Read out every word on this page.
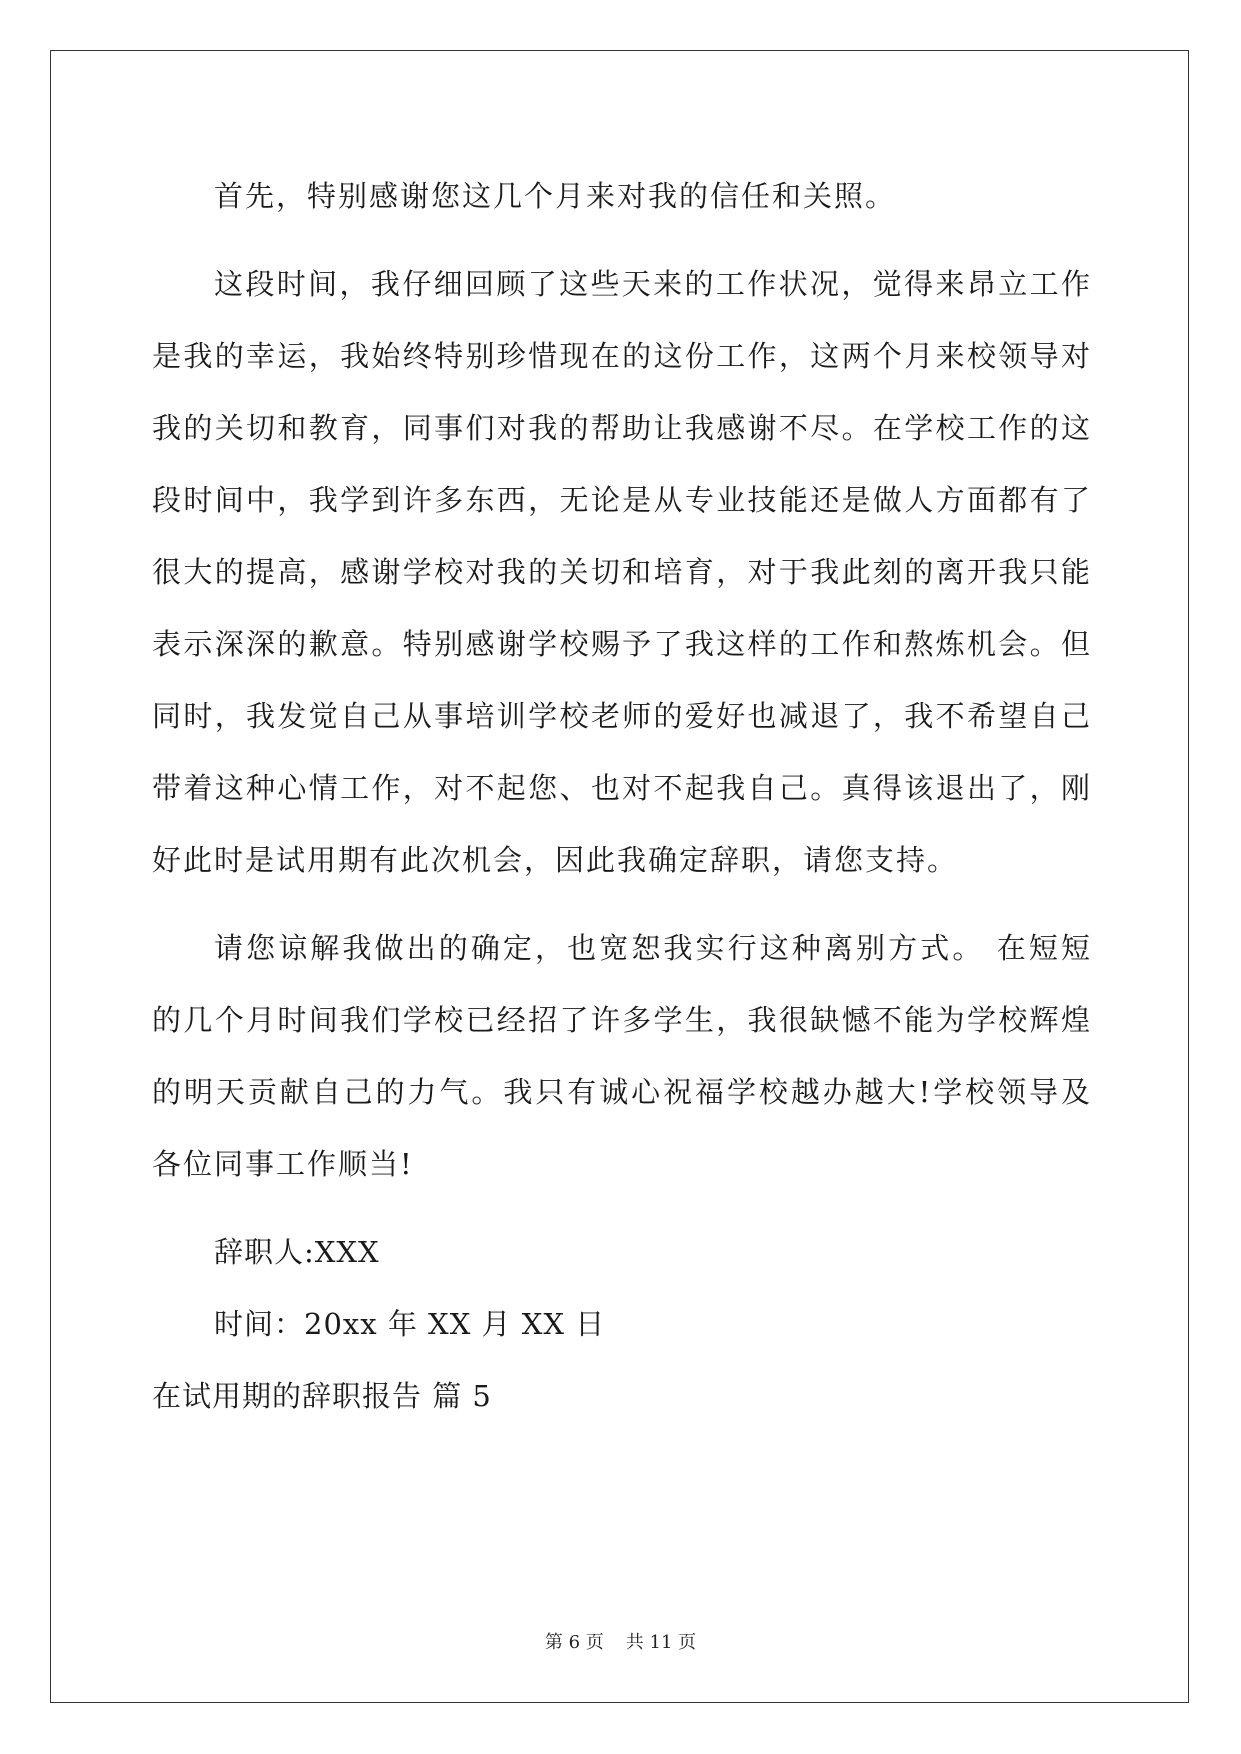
首先，特别感谢您这几个月来对我的信任和关照。

这段时间，我仔细回顾了这些天来的工作状况，觉得来昂立工作是我的幸运，我始终特别珍惜现在的这份工作，这两个月来校领导对我的关切和教育，同事们对我的帮助让我感谢不尽。在学校工作的这段时间中，我学到许多东西，无论是从专业技能还是做人方面都有了很大的提高，感谢学校对我的关切和培育，对于我此刻的离开我只能表示深深的歉意。特别感谢学校赐予了我这样的工作和熬炼机会。但同时，我发觉自己从事培训学校老师的爱好也减退了，我不希望自己带着这种心情工作，对不起您、也对不起我自己。真得该退出了，刚好此时是试用期有此次机会，因此我确定辞职，请您支持。

请您谅解我做出的确定，也宽恕我实行这种离别方式。 在短短的几个月时间我们学校已经招了许多学生，我很缺憾不能为学校辉煌的明天贡献自己的力气。我只有诚心祝福学校越办越大!学校领导及各位同事工作顺当!

辞职人:XXX

时间：20xx 年 XX 月 XX 日

在试用期的辞职报告 篇 5

第 6 页 共 11 页
